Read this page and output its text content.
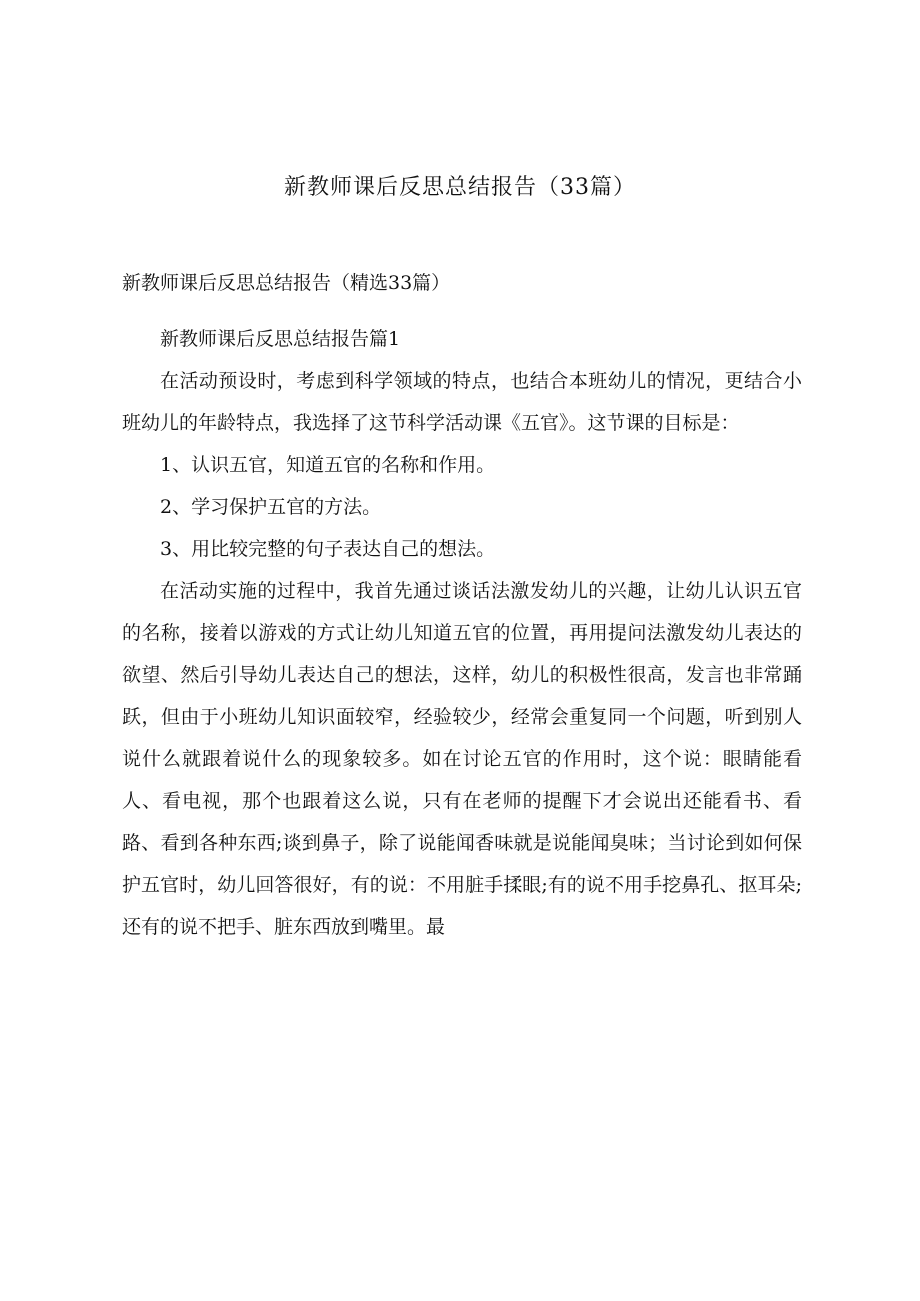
新教师课后反思总结报告（33篇）
新教师课后反思总结报告（精选33篇）

新教师课后反思总结报告篇1

在活动预设时，考虑到科学领域的特点，也结合本班幼儿的情况，更结合小班幼儿的年龄特点，我选择了这节科学活动课《五官》。这节课的目标是：

1、认识五官，知道五官的名称和作用。

2、学习保护五官的方法。

3、用比较完整的句子表达自己的想法。

在活动实施的过程中，我首先通过谈话法激发幼儿的兴趣，让幼儿认识五官的名称，接着以游戏的方式让幼儿知道五官的位置，再用提问法激发幼儿表达的欲望、然后引导幼儿表达自己的想法，这样，幼儿的积极性很高，发言也非常踊跃，但由于小班幼儿知识面较窄，经验较少，经常会重复同一个问题，听到别人说什么就跟着说什么的现象较多。如在讨论五官的作用时，这个说：眼睛能看人、看电视，那个也跟着这么说，只有在老师的提醒下才会说出还能看书、看路、看到各种东西;谈到鼻子，除了说能闻香味就是说能闻臭味；当讨论到如何保护五官时，幼儿回答很好，有的说：不用脏手揉眼;有的说不用手挖鼻孔、抠耳朵;还有的说不把手、脏东西放到嘴里。最
